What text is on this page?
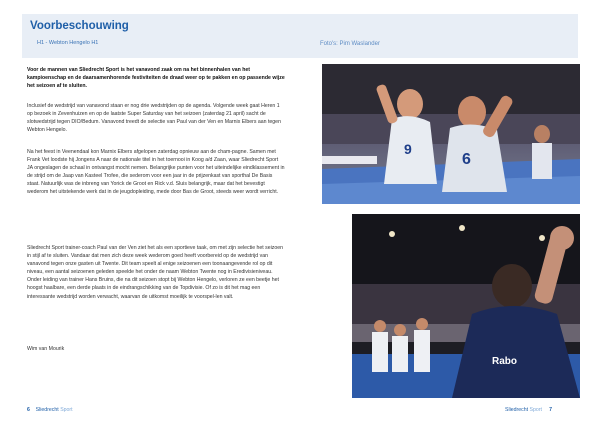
Voorbeschouwing
H1 - Webton Hengelo H1

Voor de mannen van Sliedrecht Sport is het vanavond zaak om na het binnenhalen van het kampioenschap en de daarsamenhorende festiviteiten de draad weer op te pakken en op passende wijze het seizoen af te sluiten.

Inclusief de wedstrijd van vanavond staan er nog drie wedstrijden op de agenda. Volgende week gaat Heren 1 op bezoek in Zevenhuizen en op de laatste Super Saturday van het seizoen (zaterdag 21 april) sacht de slotwedstrijd tegen DIO/Bedum. Vanavond treedt de selectie van Paul van der Ven en Marnix Elbers aan tegen Webton Hengelo.

Na het feest in Veenendaal kon Marnix Elbers afgelopen zaterdag opnieuw aan de cham-pagne. Samen met Frank Vet loodste hij Jongens A naar de nationale titel in het toernooi in Koog a/d Zaan, waar Sliedrecht Sport JA ongeslagen de schaal in ontvangst mocht nemen. Belangrijke punten voor het uiteindelijke eindklassement in de strijd om de Jaap van Kasteel Trofee, die sederom voor een jaar in de prijzenkast van sporthal De Basis staat. Natuurlijk was de inbreng van Yorick de Groot en Rick v.d. Sluis belangrijk, maar dat het bevestigt wederom het uitstekende werk dat in de jeugdopleiding, mede door Bas de Groot, steeds weer wordt verricht.

Sliedrecht Sport trainer-coach Paul van der Ven ziet het als een sportieve taak, om met zijn selectie het seizoen in stijl af te sluiten. Vandaar dat men zich deze week wederom goed heeft voorbereid op de wedstrijd van vanavond tegen onze gasten uit Twente. Dit team speelt al enige seizoenen een toonaangevende rol op dit niveau, een aantal seizoenen geleden speelde het onder de naam Webton Twente nog in Eredivisieniveau. Onder leiding van trainer Hans Bruins, die na dit seizoen stopt bij Webton Hengelo, verloren ze een beetje het hoogst haalbare, een derde plaats in de eindrangschikking van de Topdivisie. Of zo is dit het mag een interessante wedstrijd worden verwacht, waarvan de uitkomst moeilijk te voorspel-len valt.

Wim van Mourik
6 Sliedrecht Sport
Foto's: Pim Waslander
9
6
Rabo
Sliedrecht Sport 7
